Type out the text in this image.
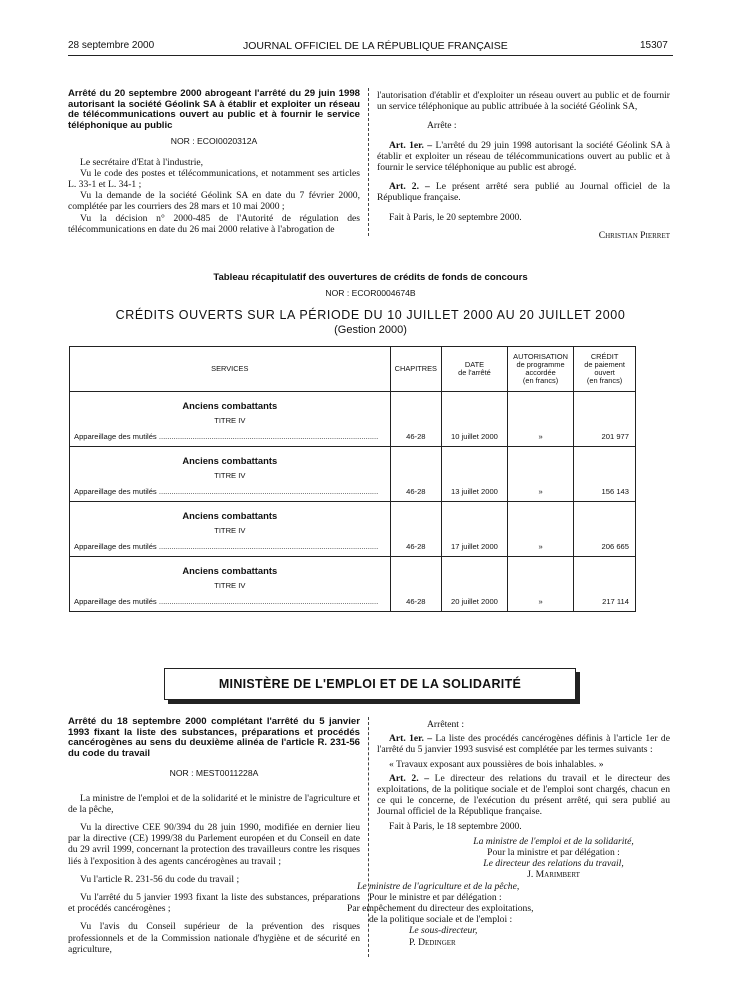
28 septembre 2000	JOURNAL OFFICIEL DE LA RÉPUBLIQUE FRANÇAISE	15307

Arrêté du 20 septembre 2000 abrogeant l'arrêté du 29 juin 1998 autorisant la société Géolink SA à établir et exploiter un réseau de télécommunications ouvert au public et à fournir le service téléphonique au public

NOR : ECOI0020312A

Le secrétaire d'Etat à l'industrie,

Vu le code des postes et télécommunications, et notamment ses articles L. 33-1 et L. 34-1 ;

Vu la demande de la société Géolink SA en date du 7 février 2000, complétée par les courriers des 28 mars et 10 mai 2000 ;

Vu la décision n° 2000-485 de l'Autorité de régulation des télécommunications en date du 26 mai 2000 relative à l'abrogation de

l'autorisation d'établir et d'exploiter un réseau ouvert au public et de fournir un service téléphonique au public attribuée à la société Géolink SA,

Arrête :

Art. 1er. – L'arrêté du 29 juin 1998 autorisant la société Géolink SA à établir et exploiter un réseau de télécommunications ouvert au public et à fournir le service téléphonique au public est abrogé.

Art. 2. – Le présent arrêté sera publié au Journal officiel de la République française.

Fait à Paris, le 20 septembre 2000.

Christian Pierret
Tableau récapitulatif des ouvertures de crédits de fonds de concours
NOR : ECOR0004674B
CRÉDITS OUVERTS SUR LA PÉRIODE DU 10 JUILLET 2000 AU 20 JUILLET 2000
(Gestion 2000)
SERVICES	CHAPITRES	DATE
de l'arrêté	AUTORISATION
de programme
accordée
(en francs)	CRÉDIT
de paiement
ouvert
(en francs)

Anciens combattants
TITRE IV
Appareillage des mutilés ........................................................................................................	46-28	10 juillet 2000	»	201 977

Anciens combattants
TITRE IV
Appareillage des mutilés ........................................................................................................	46-28	13 juillet 2000	»	156 143

Anciens combattants
TITRE IV
Appareillage des mutilés ........................................................................................................	46-28	17 juillet 2000	»	206 665

Anciens combattants
TITRE IV
Appareillage des mutilés ........................................................................................................	46-28	20 juillet 2000	»	217 114
MINISTÈRE DE L'EMPLOI ET DE LA SOLIDARITÉ

Arrêté du 18 septembre 2000 complétant l'arrêté du 5 janvier 1993 fixant la liste des substances, préparations et procédés cancérogènes au sens du deuxième alinéa de l'article R. 231-56 du code du travail

NOR : MEST0011228A

La ministre de l'emploi et de la solidarité et le ministre de l'agriculture et de la pêche,

Vu la directive CEE 90/394 du 28 juin 1990, modifiée en dernier lieu par la directive (CE) 1999/38 du Parlement européen et du Conseil en date du 29 avril 1999, concernant la protection des travailleurs contre les risques liés à l'exposition à des agents cancérogènes au travail ;

Vu l'article R. 231-56 du code du travail ;

Vu l'arrêté du 5 janvier 1993 fixant la liste des substances, préparations et procédés cancérogènes ;

Vu l'avis du Conseil supérieur de la prévention des risques professionnels et de la Commission nationale d'hygiène et de sécurité en agriculture,

Arrêtent :

Art. 1er. – La liste des procédés cancérogènes définis à l'article 1er de l'arrêté du 5 janvier 1993 susvisé est complétée par les termes suivants :

« Travaux exposant aux poussières de bois inhalables. »

Art. 2. – Le directeur des relations du travail et le directeur des exploitations, de la politique sociale et de l'emploi sont chargés, chacun en ce qui le concerne, de l'exécution du présent arrêté, qui sera publié au Journal officiel de la République française.

Fait à Paris, le 18 septembre 2000.

La ministre de l'emploi et de la solidarité,
Pour la ministre et par délégation :
Le directeur des relations du travail,
J. Marimbert
Le ministre de l'agriculture et de la pêche,
Pour le ministre et par délégation :
Par empêchement du directeur des exploitations,
de la politique sociale et de l'emploi :
Le sous-directeur,
P. Dedinger
